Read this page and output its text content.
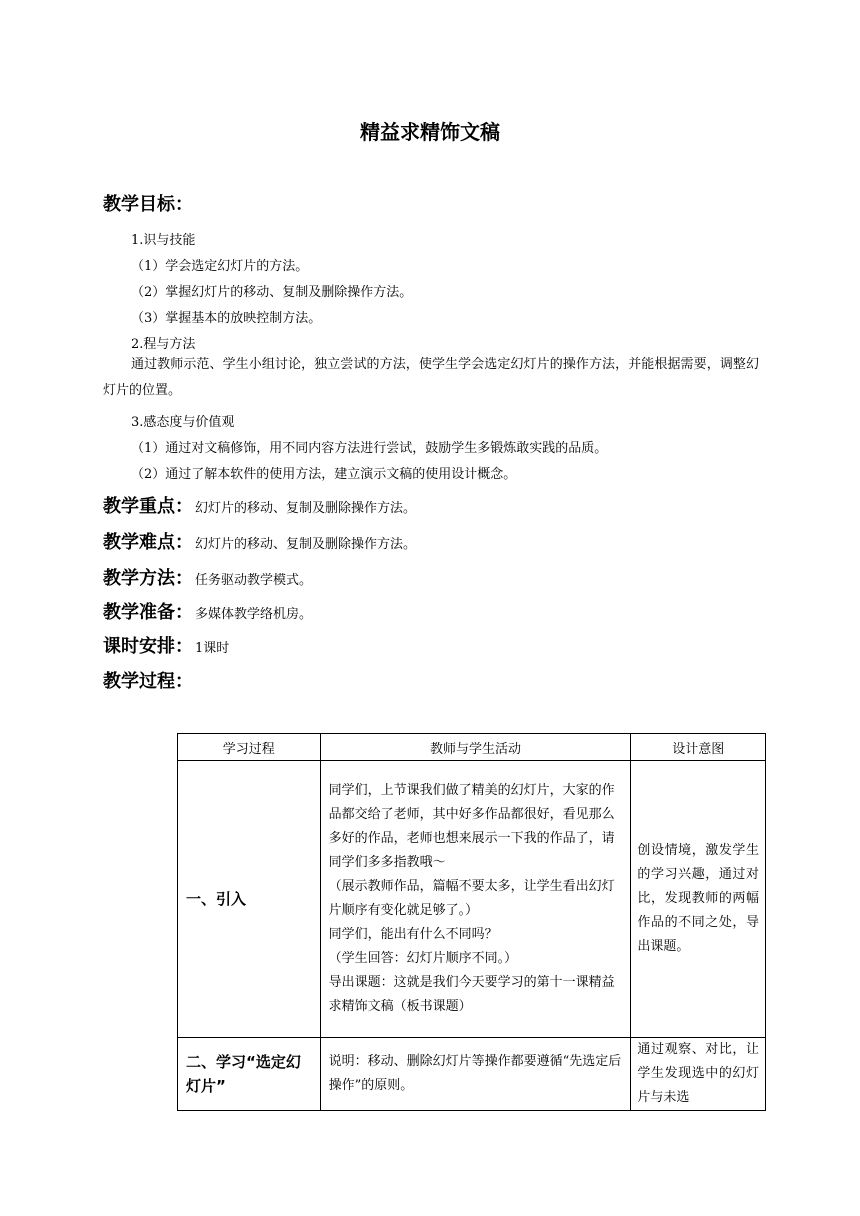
精益求精饰文稿
教学目标：
1.识与技能
（1）学会选定幻灯片的方法。
（2）掌握幻灯片的移动、复制及删除操作方法。
（3）掌握基本的放映控制方法。
2.程与方法
通过教师示范、学生小组讨论，独立尝试的方法，使学生学会选定幻灯片的操作方法，并能根据需要，调整幻灯片的位置。
3.感态度与价值观
（1）通过对文稿修饰，用不同内容方法进行尝试，鼓励学生多锻炼敢实践的品质。
（2）通过了解本软件的使用方法，建立演示文稿的使用设计概念。
教学重点： 幻灯片的移动、复制及删除操作方法。
教学难点： 幻灯片的移动、复制及删除操作方法。
教学方法： 任务驱动教学模式。
教学准备： 多媒体教学络机房。
课时安排： 1课时
教学过程：
学习过程	教师与学生活动	设计意图
一、引入	同学们，上节课我们做了精美的幻灯片，大家的作品都交给了老师，其中好多作品都很好，看见那么多好的作品，老师也想来展示一下我的作品了，请同学们多多指教哦～

（展示教师作品，篇幅不要太多，让学生看出幻灯片顺序有变化就足够了。）

同学们，能出有什么不同吗？

（学生回答：幻灯片顺序不同。）

导出课题：这就是我们今天要学习的第十一课精益求精饰文稿（板书课题）	创设情境，激发学生的学习兴趣，通过对比，发现教师的两幅作品的不同之处，导出课题。
二、学习“选定幻灯片”	说明：移动、删除幻灯片等操作都要遵循“先选定后操作”的原则。	通过观察、对比，让学生发现选中的幻灯片与未选
